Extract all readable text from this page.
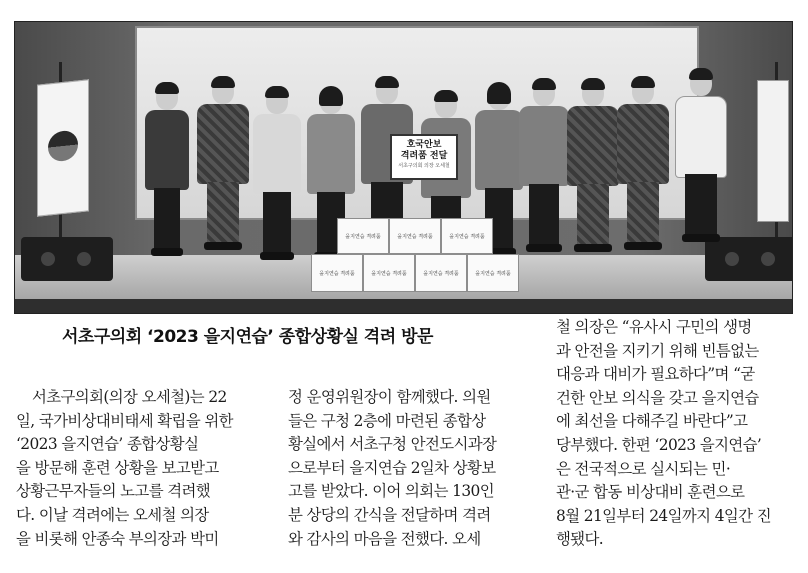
을지연습 격려품	을지연습 격려품	을지연습 격려품
을지연습 격려품	을지연습 격려품	을지연습 격려품	을지연습 격려품
호국안보
격려품 전달
서초구의회 의장 오세철
서초구의회 ‘2023 을지연습’ 종합상황실 격려 방문
서초구의회(의장 오세철)는 22
일, 국가비상대비태세 확립을 위한
‘2023 을지연습’ 종합상황실
을 방문해 훈련 상황을 보고받고
상황근무자들의 노고를 격려했
다. 이날 격려에는 오세철 의장
을 비롯해 안종숙 부의장과 박미
정 운영위원장이 함께했다. 의원
들은 구청 2층에 마련된 종합상
황실에서 서초구청 안전도시과장
으로부터 을지연습 2일차 상황보
고를 받았다. 이어 의회는 130인
분 상당의 간식을 전달하며 격려
와 감사의 마음을 전했다. 오세
철 의장은 “유사시 구민의 생명
과 안전을 지키기 위해 빈틈없는
대응과 대비가 필요하다”며 “굳
건한 안보 의식을 갖고 을지연습
에 최선을 다해주길 바란다”고
당부했다. 한편 ‘2023 을지연습’
은 전국적으로 실시되는 민·
관·군 합동 비상대비 훈련으로
8월 21일부터 24일까지 4일간 진
행됐다.
